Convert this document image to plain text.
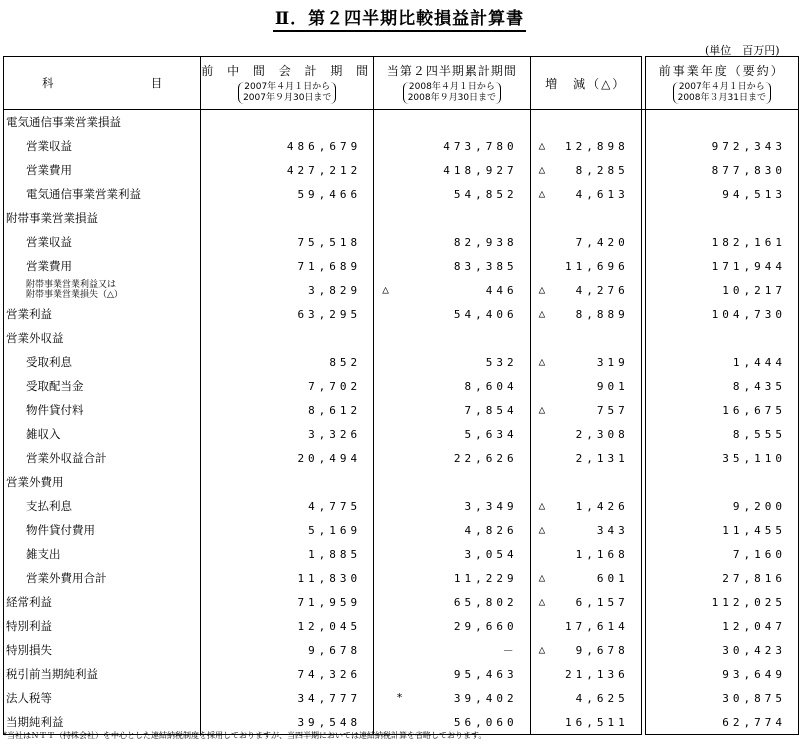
Ⅱ．第２四半期比較損益計算書
(単位　百万円)
科 目	前 中 間 会 計 期 間
2007年４月１日から
2007年９月30日まで	当第２四半期累計期間
2008年４月１日から
2008年９月30日まで	増　減（△）		前事業年度（要約）
2007年４月１日から
2008年３月31日まで
電気通信事業営業損益					
営業収益	486,679	473,780	△ 12,898		972,343
営業費用	427,212	418,927	△ 8,285		877,830
電気通信事業営業利益	59,466	54,852	△ 4,613		94,513
附帯事業営業損益					
営業収益	75,518	82,938	7,420		182,161
営業費用	71,689	83,385	11,696		171,944

附帯事業営業利益又は
附帯事業営業損失（△）	3,829	△ 446	△ 4,276		10,217
営業利益	63,295	54,406	△ 8,889		104,730
営業外収益					
受取利息	852	532	△ 319		1,444
受取配当金	7,702	8,604	901		8,435
物件貸付料	8,612	7,854	△ 757		16,675
雑収入	3,326	5,634	2,308		8,555
営業外収益合計	20,494	22,626	2,131		35,110
営業外費用					
支払利息	4,775	3,349	△ 1,426		9,200
物件貸付費用	5,169	4,826	△ 343		11,455
雑支出	1,885	3,054	1,168		7,160
営業外費用合計	11,830	11,229	△ 601		27,816
経常利益	71,959	65,802	△ 6,157		112,025
特別利益	12,045	29,660	17,614		12,047
特別損失	9,678	－	△ 9,678		30,423
税引前当期純利益	74,326	95,463	21,136		93,649
法人税等	34,777	* 39,402	4,625		30,875
当期純利益	39,548	56,060	16,511		62,774
*当社はＮＴＴ（持株会社）を中心とした連結納税制度を採用しておりますが、当四半期においては連結納税計算を省略しております。
